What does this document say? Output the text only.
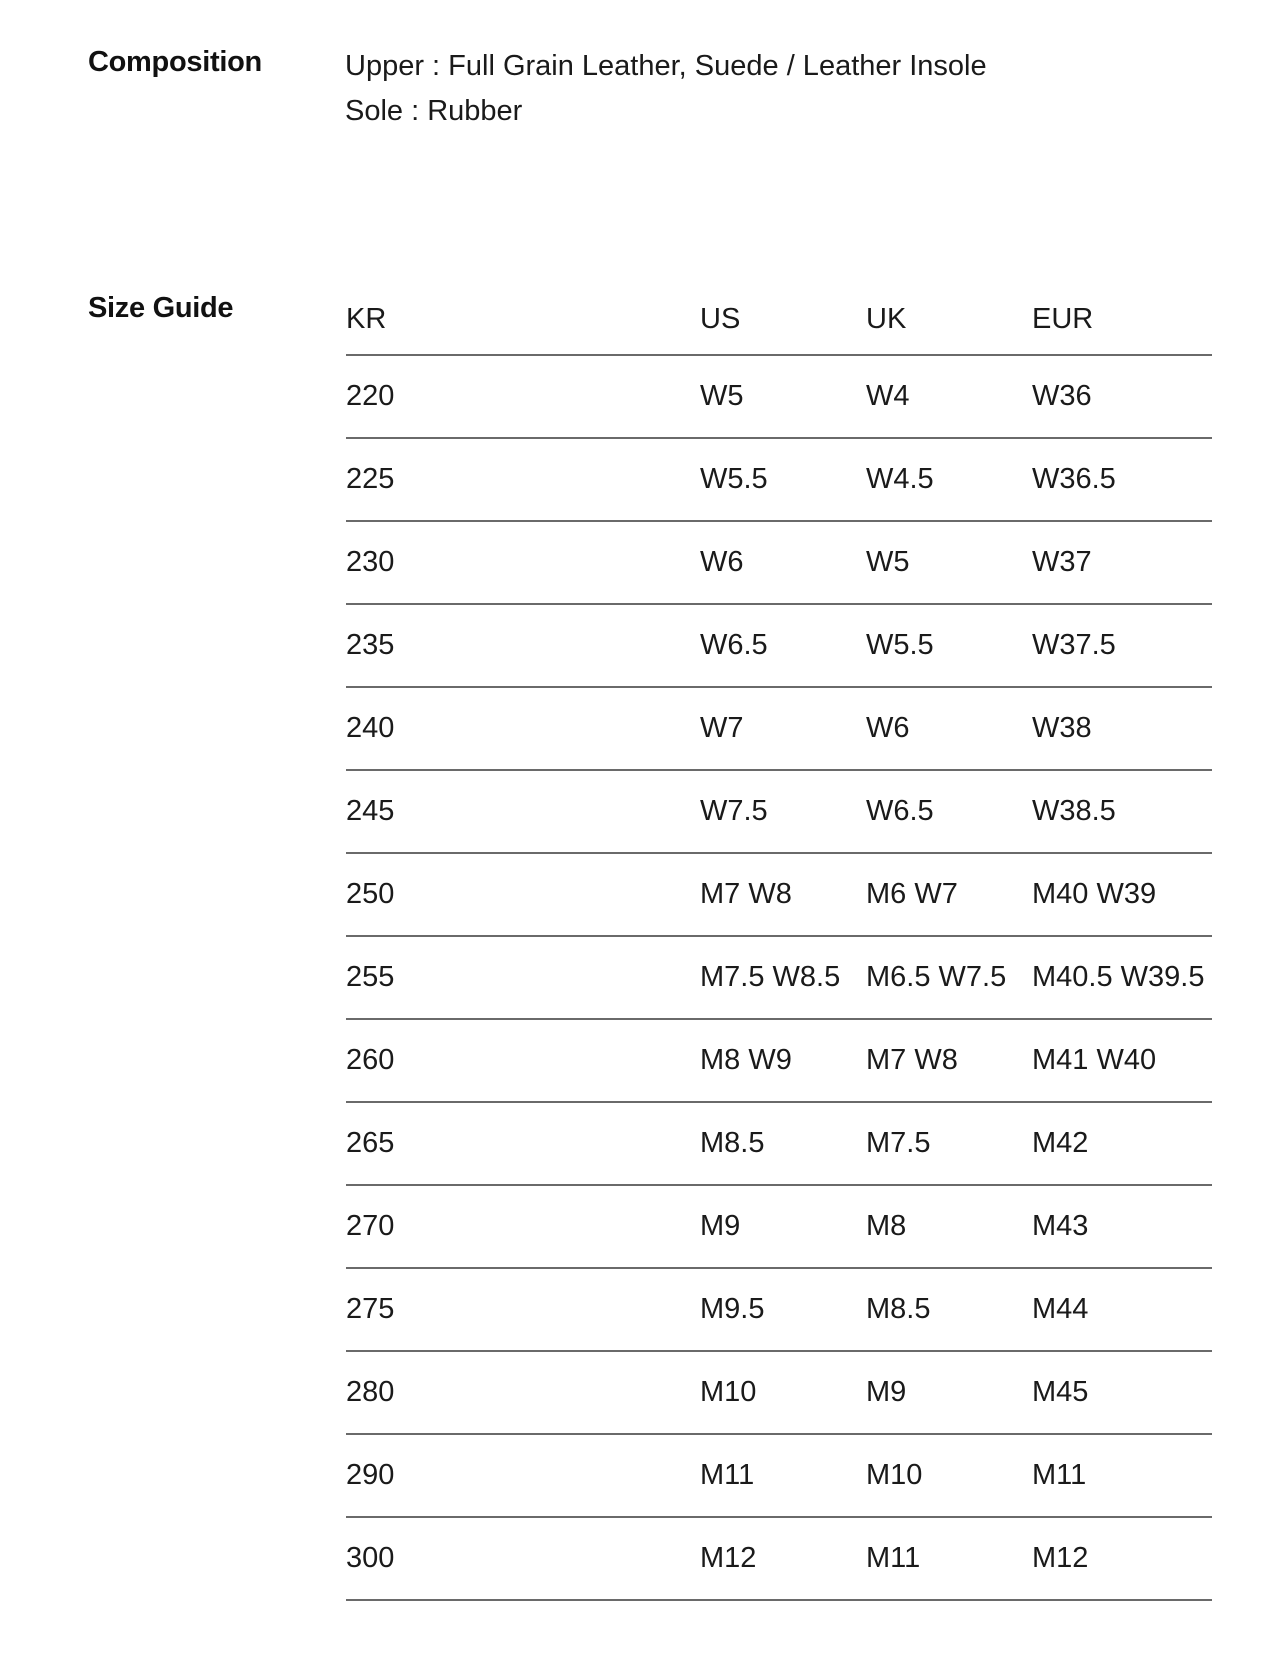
Composition	Upper : Full Grain Leather, Suede / Leather Insole
Sole : Rubber
Size Guide	KR	US	UK	EUR
220	W5	W4	W36
225	W5.5	W4.5	W36.5
230	W6	W5	W37
235	W6.5	W5.5	W37.5
240	W7	W6	W38
245	W7.5	W6.5	W38.5
250	M7 W8	M6 W7	M40 W39
255	M7.5 W8.5	M6.5 W7.5	M40.5 W39.5
260	M8 W9	M7 W8	M41 W40
265	M8.5	M7.5	M42
270	M9	M8	M43
275	M9.5	M8.5	M44
280	M10	M9	M45
290	M11	M10	M11
300	M12	M11	M12
